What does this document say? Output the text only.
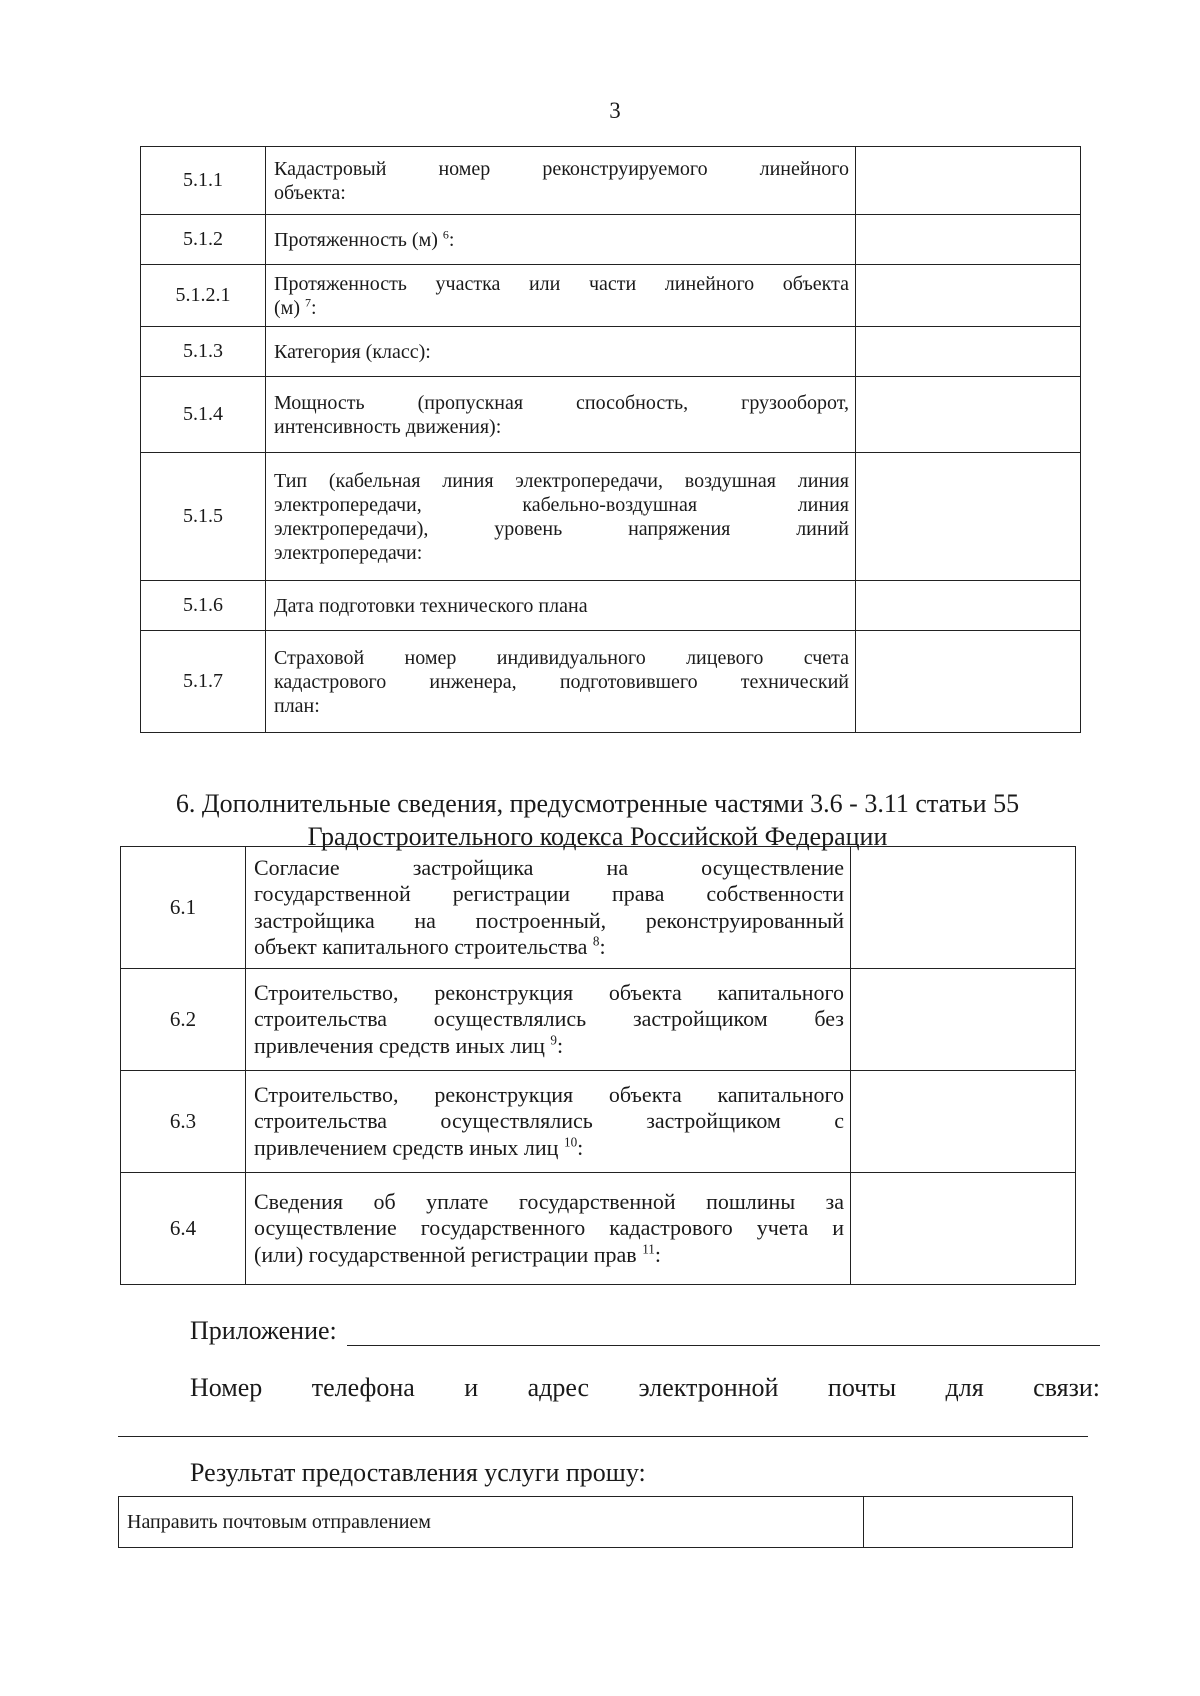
3
5.1.1	Кадастровый номер реконструируемого линейного
объекта:	

5.1.2	Протяженность (м) $^6$:	

5.1.2.1	Протяженность участка или части линейного объекта
(м) $^7$:	

5.1.3	Категория (класс):	

5.1.4	Мощность (пропускная способность, грузооборот,
интенсивность движения):	

5.1.5	Тип (кабельная линия электропередачи, воздушная линия
электропередачи, кабельно-воздушная линия
электропередачи), уровень напряжения линий
электропередачи:	

5.1.6	Дата подготовки технического плана	

5.1.7	Страховой номер индивидуального лицевого счета
кадастрового инженера, подготовившего технический
план:	

6. Дополнительные сведения, предусмотренные частями 3.6 - 3.11 статьи 55
Градостроительного кодекса Российской Федерации
6.1	Согласие застройщика на осуществление
государственной регистрации права собственности
застройщика на построенный, реконструированный
объект капитального строительства $^8$:	

6.2	Строительство, реконструкция объекта капитального
строительства осуществлялись застройщиком без
привлечения средств иных лиц $^9$:	

6.3	Строительство, реконструкция объекта капитального
строительства осуществлялись застройщиком с
привлечением средств иных лиц $^{10}$:	

6.4	Сведения об уплате государственной пошлины за
осуществление государственного кадастрового учета и
(или) государственной регистрации прав $^{11}$:	

Приложение:
Номер телефона и адрес электронной почты для связи:
Результат предоставления услуги прошу:
Направить почтовым отправлением	
